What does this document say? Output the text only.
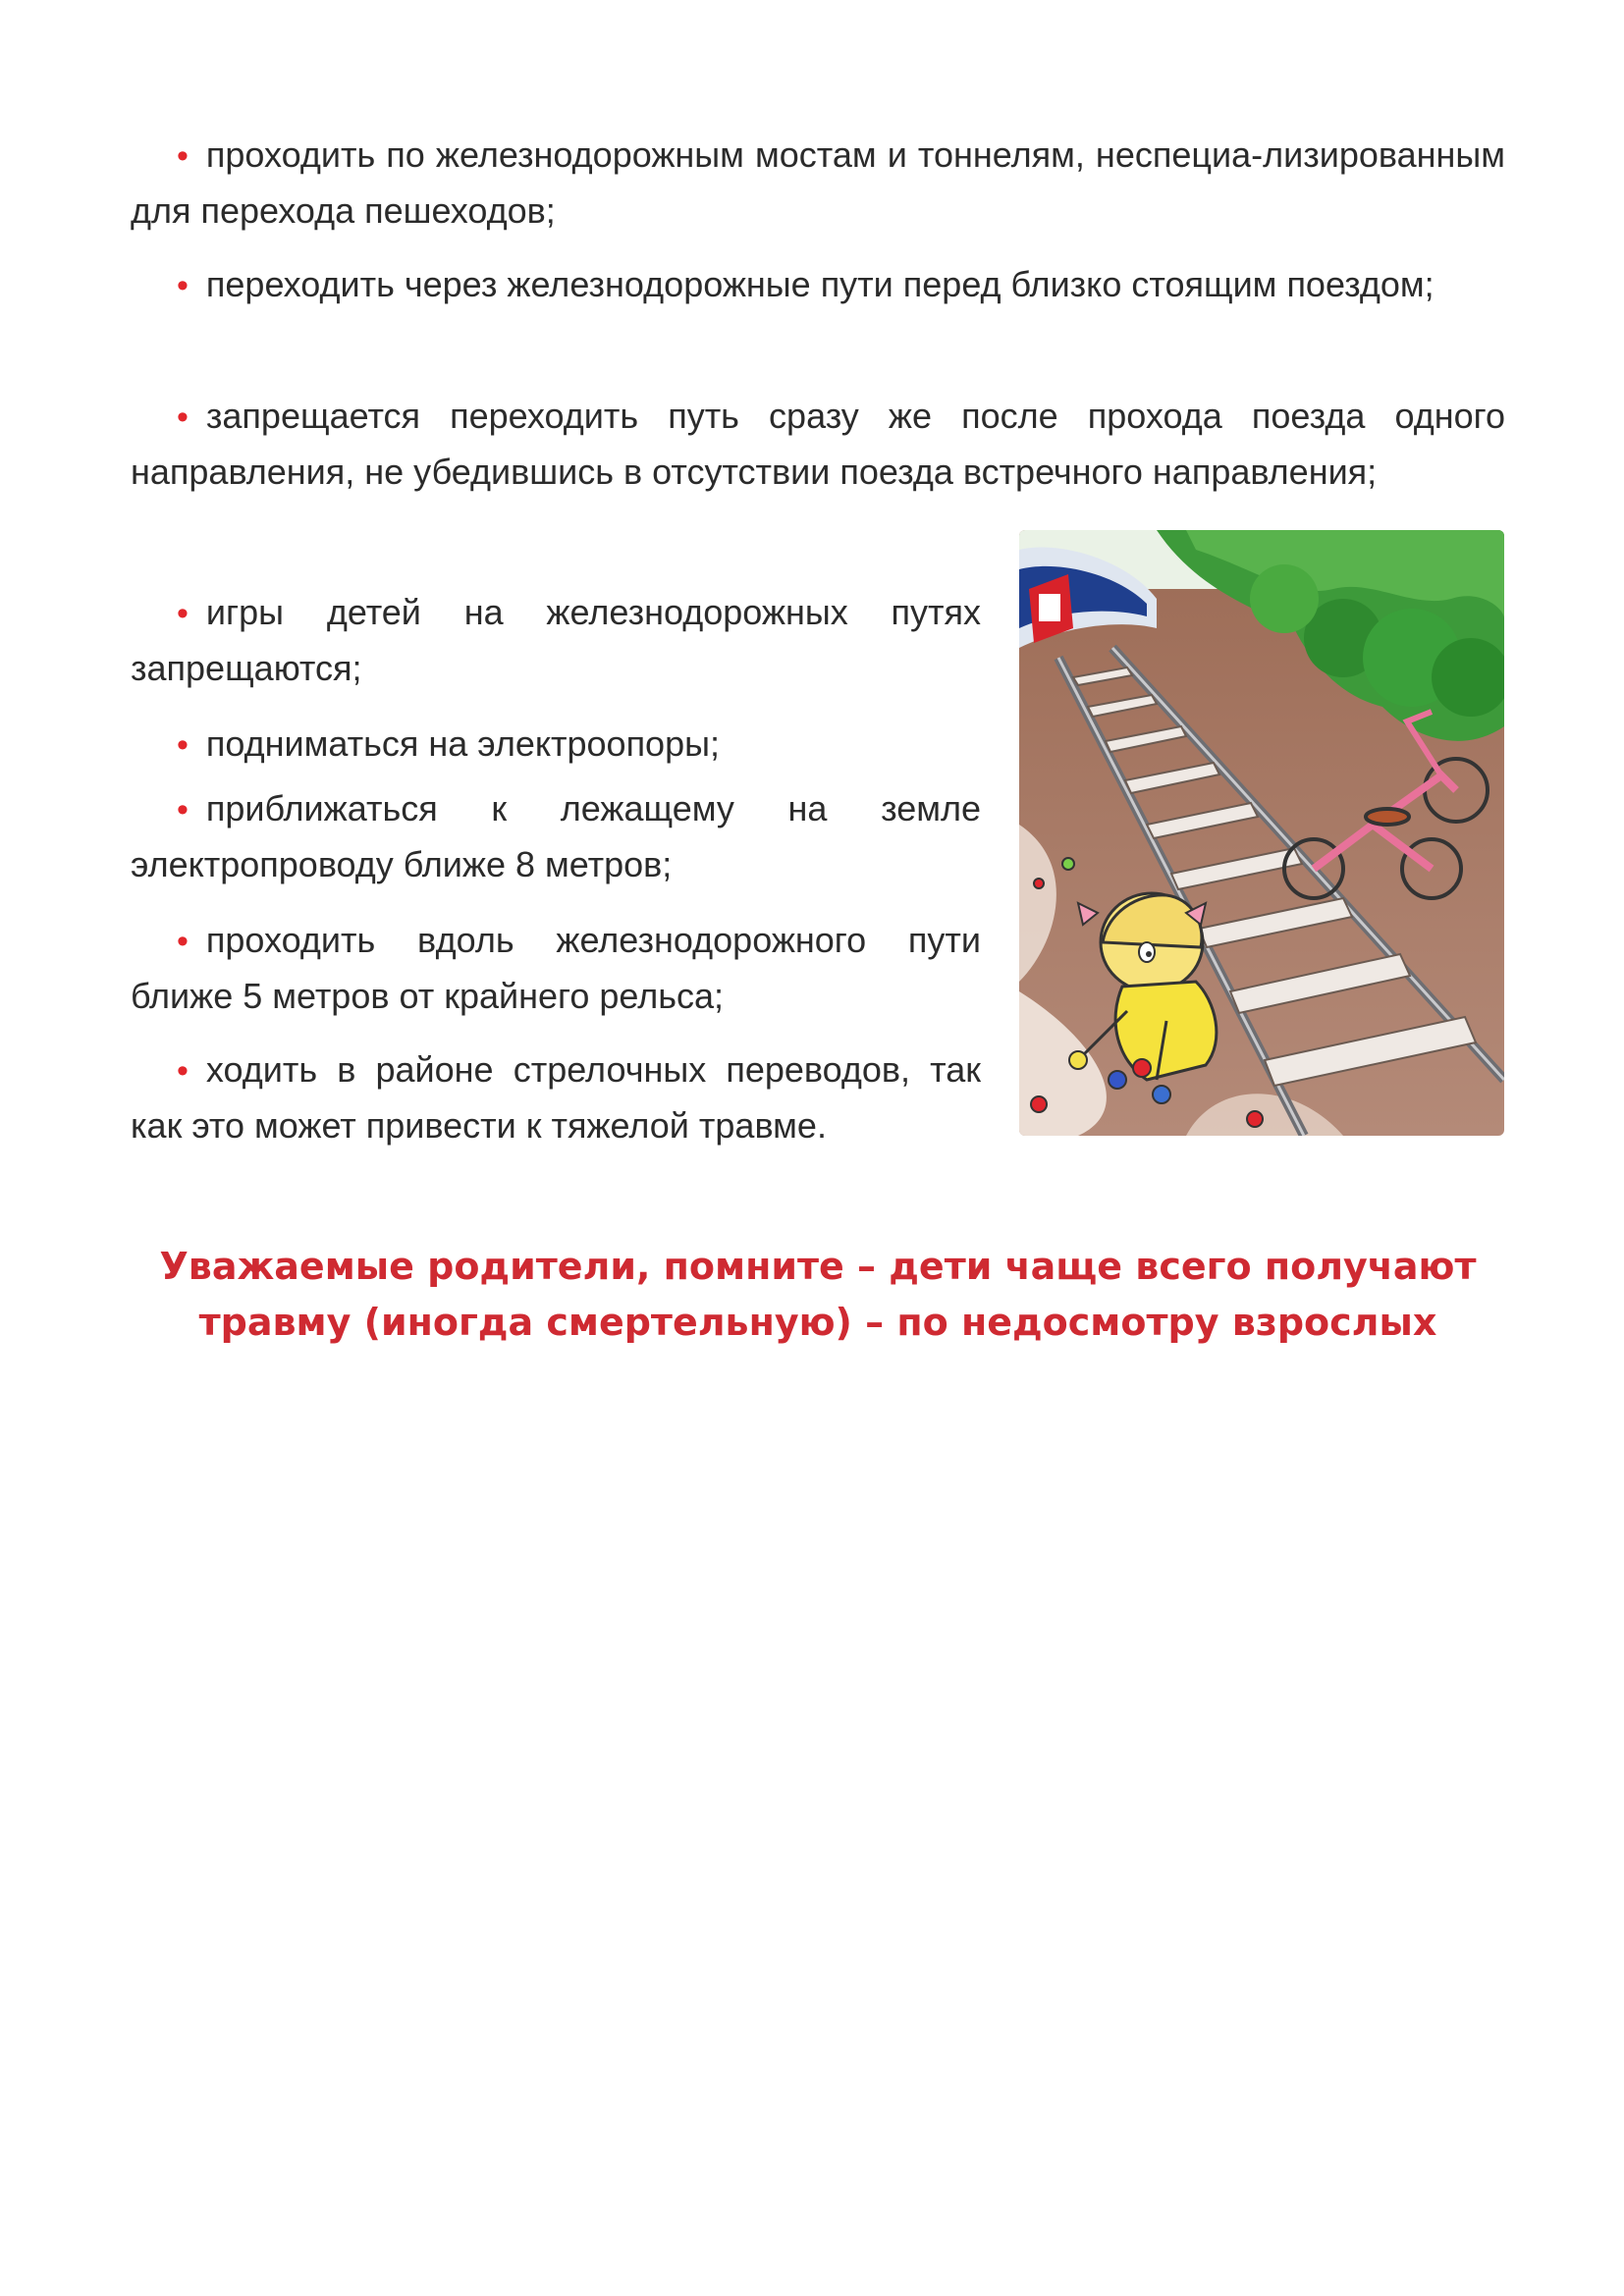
• проходить по железнодорожным мостам и тоннелям, неспециа-лизированным для перехода пешеходов;

• переходить через железнодорожные пути перед близко стоящим поездом;

• запрещается переходить путь сразу же после прохода поезда одного направления, не убедившись в отсутствии поезда встречного направления;

• игры детей на железнодорожных путях запрещаются;

• подниматься на электроопоры;

• приближаться к лежащему на земле электропроводу ближе 8 метров;

• проходить вдоль железнодорожного пути ближе 5 метров от крайнего рельса;

• ходить в районе стрелочных переводов, так как это может привести к тяжелой травме.

Уважаемые родители, помните – дети чаще всего получают
травму (иногда смертельную) – по недосмотру взрослых
